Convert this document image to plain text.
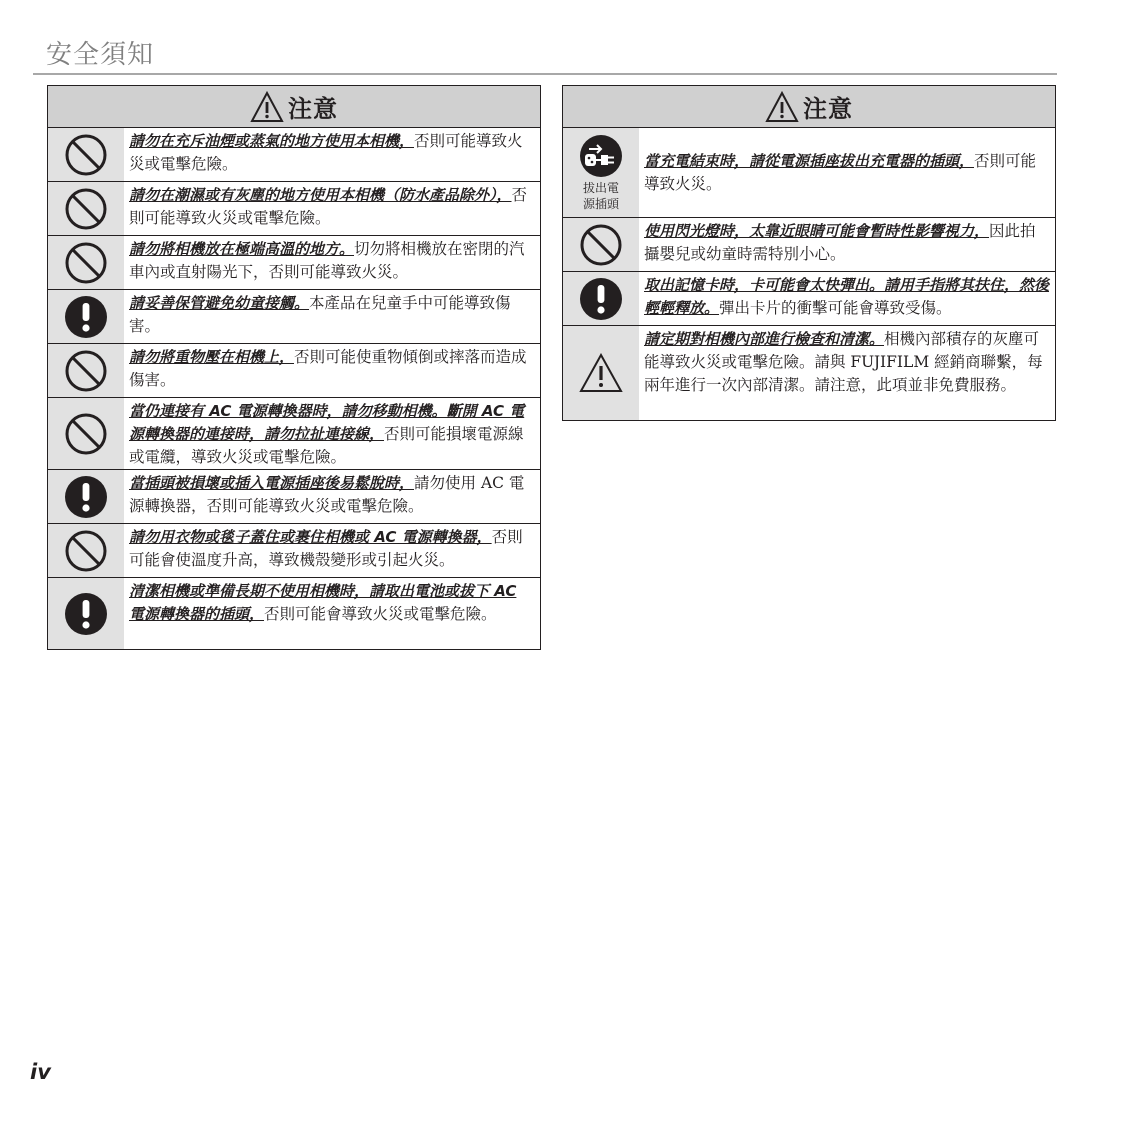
安全須知
注意
請勿在充斥油煙或蒸氣的地方使用本相機，否則可能導致火災或電擊危險。
請勿在潮濕或有灰塵的地方使用本相機（防水產品除外），否則可能導致火災或電擊危險。
請勿將相機放在極端高溫的地方。切勿將相機放在密閉的汽車內或直射陽光下，否則可能導致火災。
請妥善保管避免幼童接觸。本產品在兒童手中可能導致傷害。
請勿將重物壓在相機上，否則可能使重物傾倒或摔落而造成傷害。
當仍連接有 AC 電源轉換器時，請勿移動相機。斷開 AC 電源轉換器的連接時，請勿拉扯連接線，否則可能損壞電源線或電纜，導致火災或電擊危險。
當插頭被損壞或插入電源插座後易鬆脫時，請勿使用 AC 電源轉換器，否則可能導致火災或電擊危險。
請勿用衣物或毯子蓋住或裹住相機或 AC 電源轉換器，否則可能會使溫度升高，導致機殼變形或引起火災。
清潔相機或準備長期不使用相機時，請取出電池或拔下 AC 電源轉換器的插頭，否則可能會導致火災或電擊危險。
注意
拔出電源插頭
當充電結束時，請從電源插座拔出充電器的插頭，否則可能導致火災。
使用閃光燈時，太靠近眼睛可能會暫時性影響視力，因此拍攝嬰兒或幼童時需特別小心。
取出記憶卡時，卡可能會太快彈出。請用手指將其扶住，然後輕輕釋放。彈出卡片的衝擊可能會導致受傷。
請定期對相機內部進行檢查和清潔。相機內部積存的灰塵可能導致火災或電擊危險。請與 FUJIFILM 經銷商聯繫，每兩年進行一次內部清潔。請注意，此項並非免費服務。
iv
